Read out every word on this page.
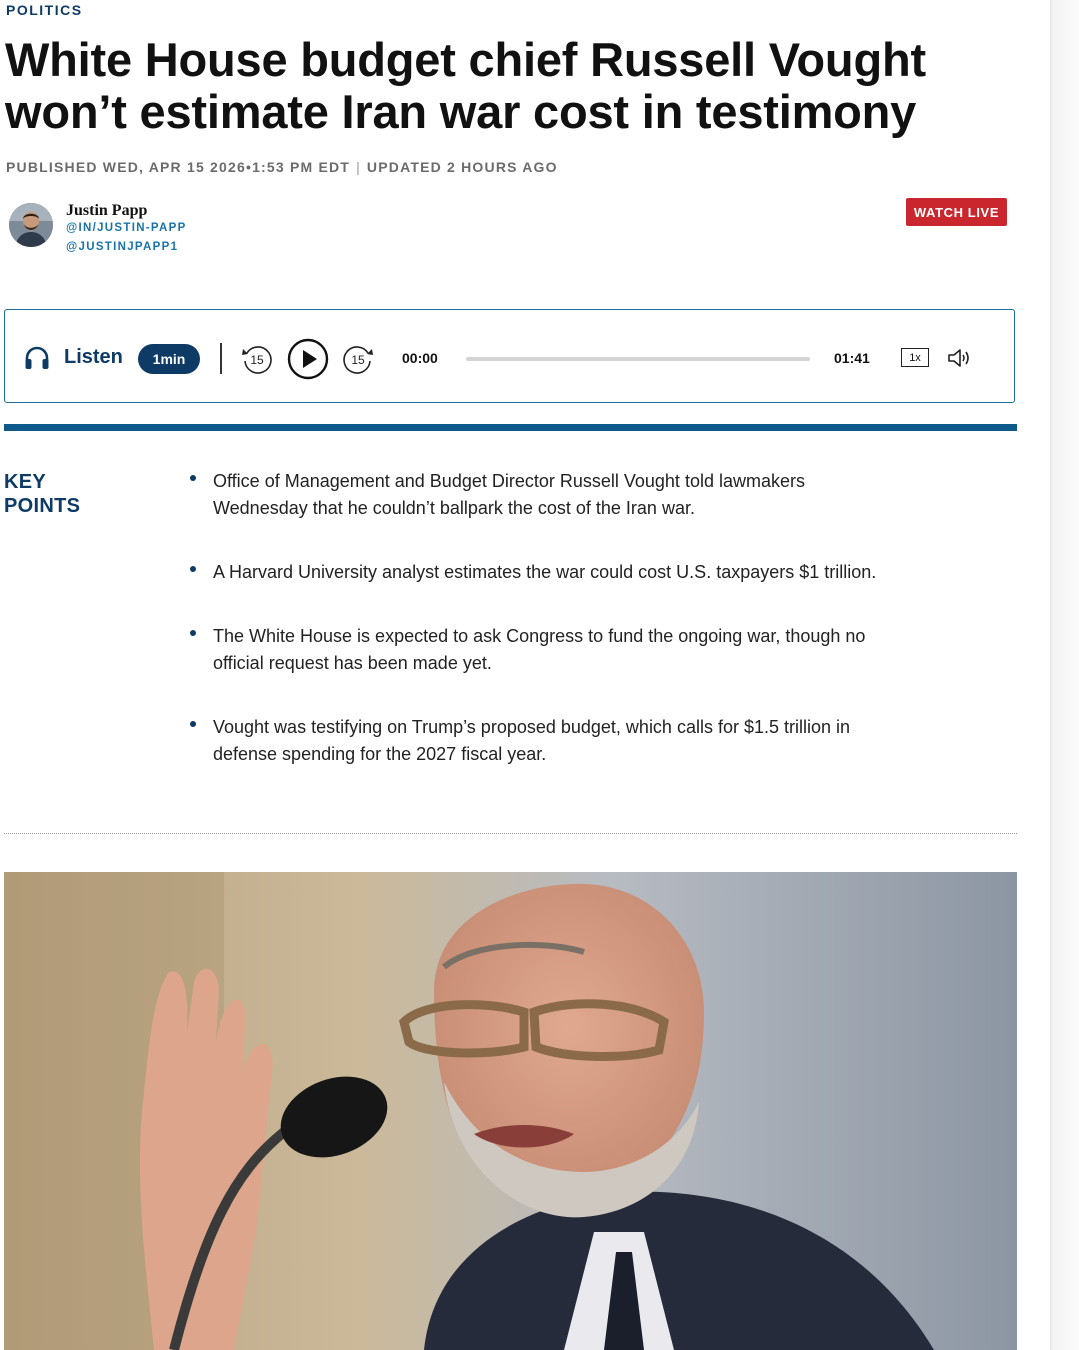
POLITICS
White House budget chief Russell Vought won’t estimate Iran war cost in testimony
PUBLISHED WED, APR 15 2026•1:53 PM EDT | UPDATED 2 HOURS AGO
Justin Papp
@IN/JUSTIN-PAPP
@JUSTINJPAPP1
WATCH LIVE
Listen	1min	15	15	00:00	01:41	1x
KEY
POINTS
Office of Management and Budget Director Russell Vought told lawmakers Wednesday that he couldn’t ballpark the cost of the Iran war.
A Harvard University analyst estimates the war could cost U.S. taxpayers $1 trillion.
The White House is expected to ask Congress to fund the ongoing war, though no official request has been made yet.
Vought was testifying on Trump’s proposed budget, which calls for $1.5 trillion in defense spending for the 2027 fiscal year.
